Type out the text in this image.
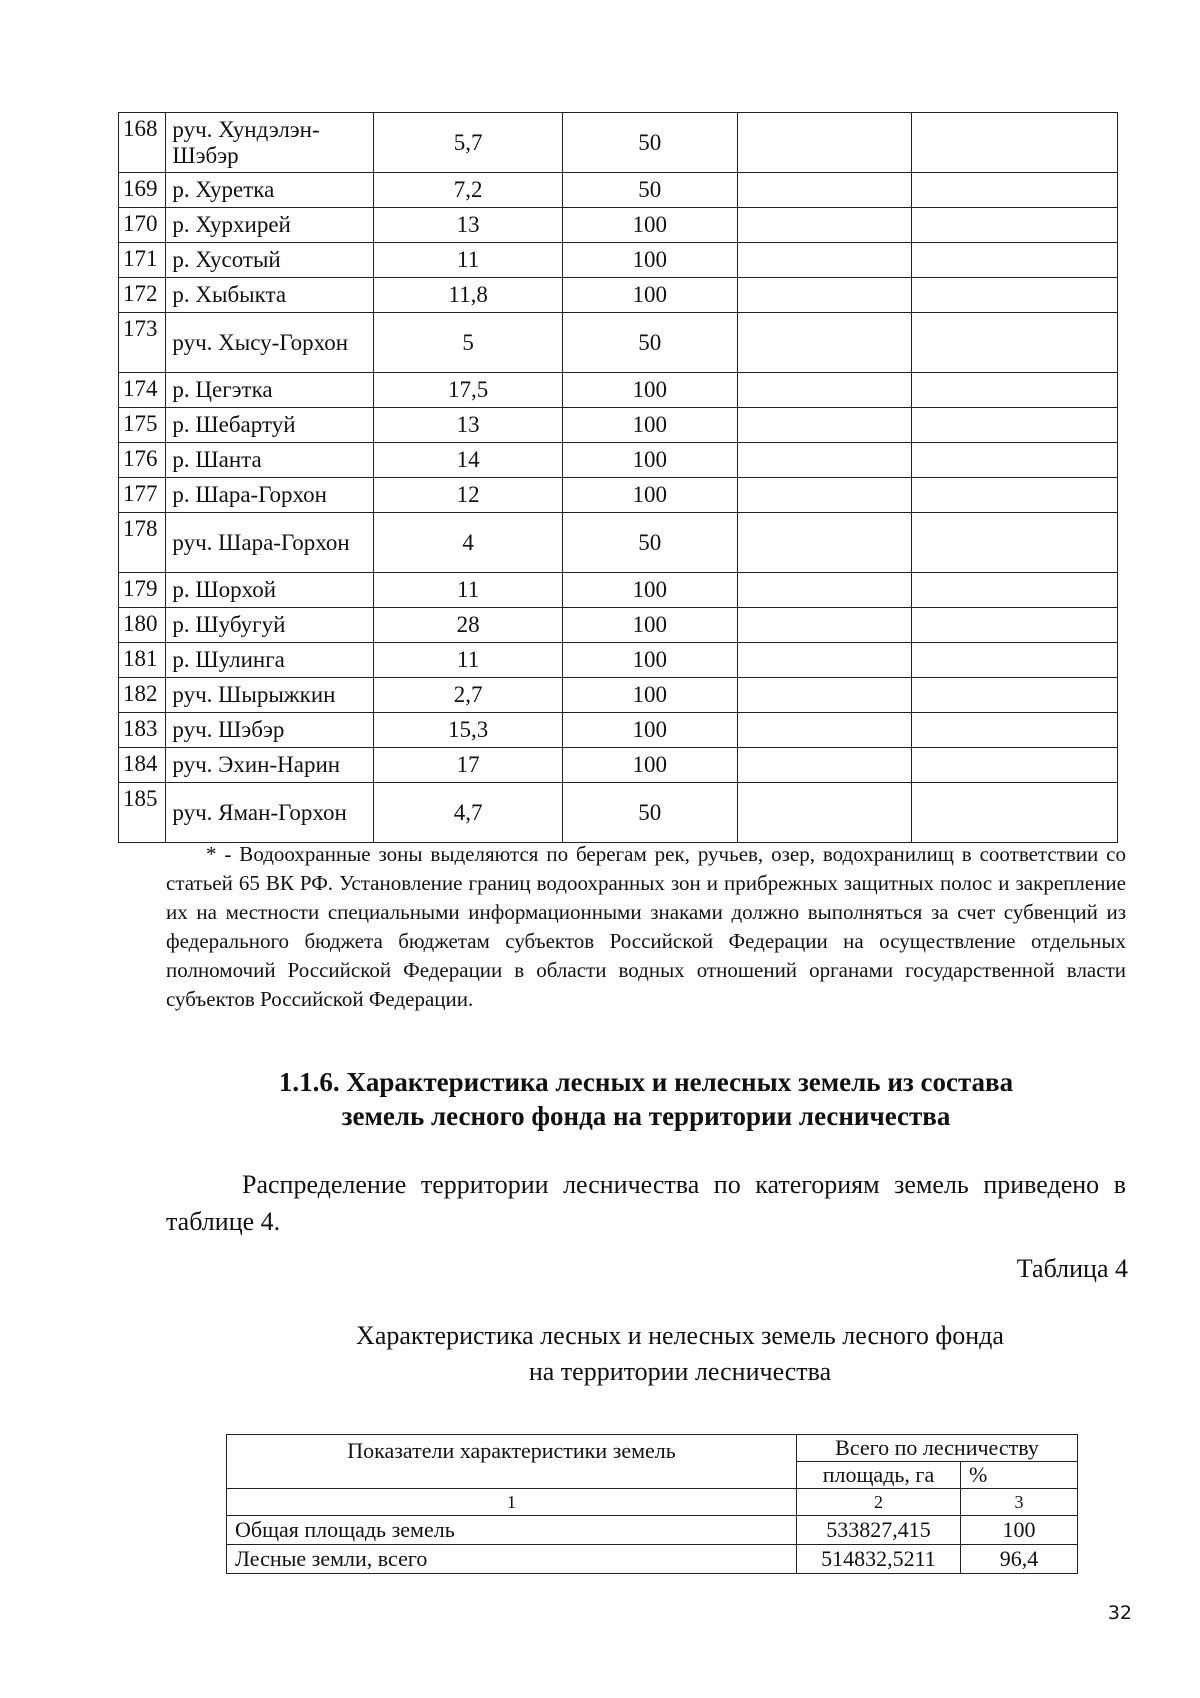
168	руч. Хундэлэн-Шэбэр	5,7	50		
169	р. Хуретка	7,2	50		
170	р. Хурхирей	13	100		
171	р. Хусотый	11	100		
172	р. Хыбыкта	11,8	100		
173	руч. Хысу-Горхон	5	50		
174	р. Цегэтка	17,5	100		
175	р. Шебартуй	13	100		
176	р. Шанта	14	100		
177	р. Шара-Горхон	12	100		
178	руч. Шара-Горхон	4	50		
179	р. Шорхой	11	100		
180	р. Шубугуй	28	100		
181	р. Шулинга	11	100		
182	руч. Шырыжкин	2,7	100		
183	руч. Шэбэр	15,3	100		
184	руч. Эхин-Нарин	17	100		
185	руч. Яман-Горхон	4,7	50		

* - Водоохранные зоны выделяются по берегам рек, ручьев, озер, водохранилищ в соответствии со статьей 65 ВК РФ. Установление границ водоохранных зон и прибрежных защитных полос и закрепление их на местности специальными информационными знаками должно выполняться за счет субвенций из федерального бюджета бюджетам субъектов Российской Федерации на осуществление отдельных полномочий Российской Федерации в области водных отношений органами государственной власти субъектов Российской Федерации.

1.1.6. Характеристика лесных и нелесных земель из состава
земель лесного фонда на территории лесничества

Распределение территории лесничества по категориям земель приведено в таблице 4.

Таблица 4

Характеристика лесных и нелесных земель лесного фонда
на территории лесничества

Показатели характеристики земель	Всего по лесничеству	
	площадь, га	%
1	2	3
Общая площадь земель	533827,415	100
Лесные земли, всего	514832,5211	96,4

32
